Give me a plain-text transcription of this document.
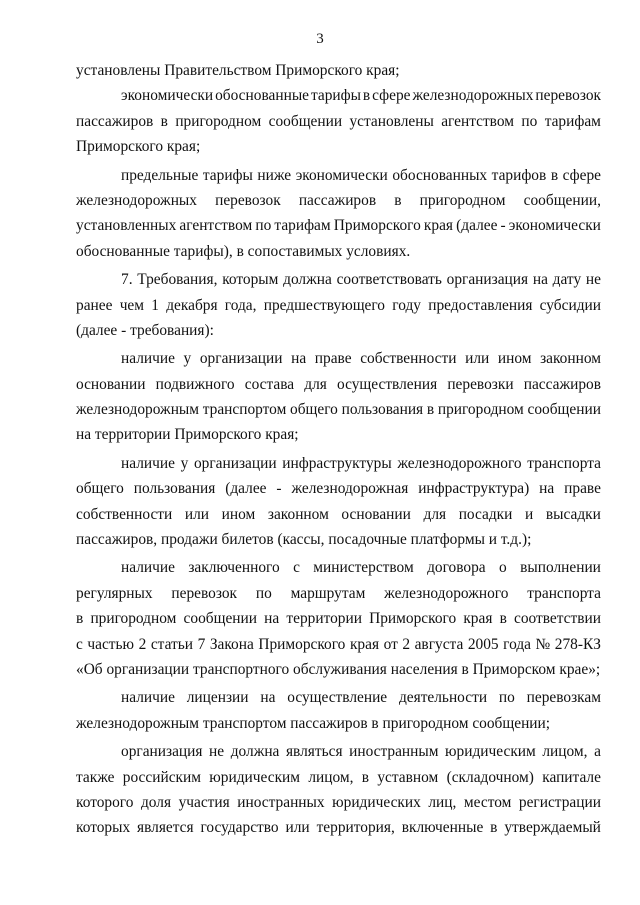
3
установлены Правительством Приморского края;
экономически обоснованные тарифы в сфере железнодорожных перевозок
пассажиров в пригородном сообщении установлены агентством по тарифам
Приморского края;
предельные тарифы ниже экономически обоснованных тарифов в сфере
железнодорожных перевозок пассажиров в пригородном сообщении,
установленных агентством по тарифам Приморского края (далее - экономически
обоснованные тарифы), в сопоставимых условиях.
7. Требования, которым должна соответствовать организация на дату не
ранее чем 1 декабря года, предшествующего году предоставления субсидии
(далее - требования):
наличие у организации на праве собственности или ином законном
основании подвижного состава для осуществления перевозки пассажиров
железнодорожным транспортом общего пользования в пригородном сообщении
на территории Приморского края;
наличие у организации инфраструктуры железнодорожного транспорта
общего пользования (далее - железнодорожная инфраструктура) на праве
собственности или ином законном основании для посадки и высадки
пассажиров, продажи билетов (кассы, посадочные платформы и т.д.);
наличие заключенного с министерством договора о выполнении
регулярных перевозок по маршрутам железнодорожного транспорта
в пригородном сообщении на территории Приморского края в соответствии
с частью 2 статьи 7 Закона Приморского края от 2 августа 2005 года № 278-КЗ
«Об организации транспортного обслуживания населения в Приморском крае»;
наличие лицензии на осуществление деятельности по перевозкам
железнодорожным транспортом пассажиров в пригородном сообщении;
организация не должна являться иностранным юридическим лицом, а
также российским юридическим лицом, в уставном (складочном) капитале
которого доля участия иностранных юридических лиц, местом регистрации
которых является государство или территория, включенные в утверждаемый
